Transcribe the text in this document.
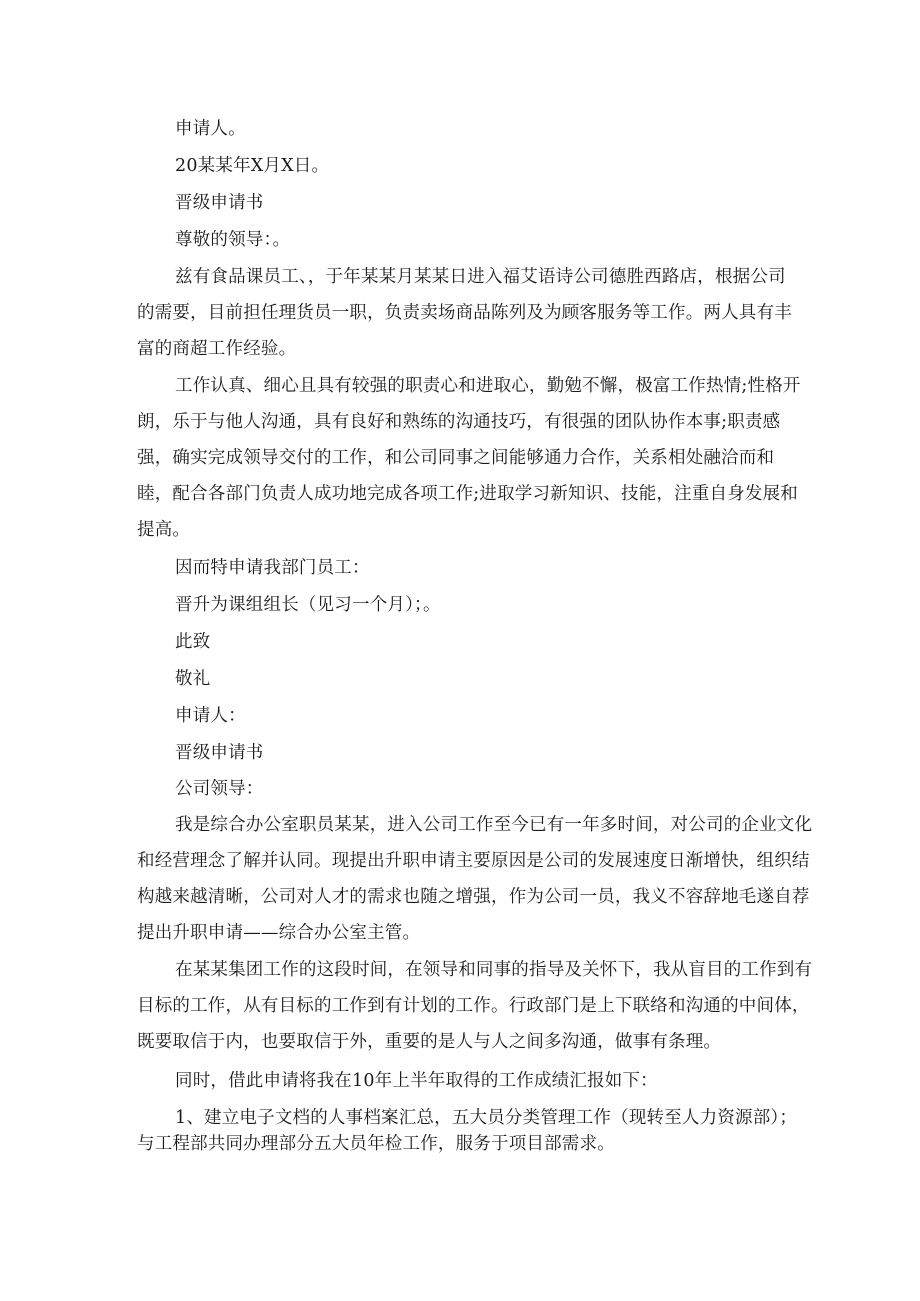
申请人。
20某某年X月X日。
晋级申请书
尊敬的领导：。
兹有食品课员工、，于年某某月某某日进入福艾语诗公司德胜西路店，根据公司
的需要，目前担任理货员一职，负责卖场商品陈列及为顾客服务等工作。两人具有丰
富的商超工作经验。
工作认真、细心且具有较强的职责心和进取心，勤勉不懈，极富工作热情;性格开
朗，乐于与他人沟通，具有良好和熟练的沟通技巧，有很强的团队协作本事;职责感
强，确实完成领导交付的工作，和公司同事之间能够通力合作，关系相处融洽而和
睦，配合各部门负责人成功地完成各项工作;进取学习新知识、技能，注重自身发展和
提高。
因而特申请我部门员工：
晋升为课组组长（见习一个月）；。
此致
敬礼
申请人：
晋级申请书
公司领导：
我是综合办公室职员某某，进入公司工作至今已有一年多时间，对公司的企业文化
和经营理念了解并认同。现提出升职申请主要原因是公司的发展速度日渐增快，组织结
构越来越清晰，公司对人才的需求也随之增强，作为公司一员，我义不容辞地毛遂自荐
提出升职申请——综合办公室主管。
在某某集团工作的这段时间，在领导和同事的指导及关怀下，我从盲目的工作到有
目标的工作，从有目标的工作到有计划的工作。行政部门是上下联络和沟通的中间体，
既要取信于内，也要取信于外，重要的是人与人之间多沟通，做事有条理。
同时，借此申请将我在10年上半年取得的工作成绩汇报如下：
1、建立电子文档的人事档案汇总，五大员分类管理工作（现转至人力资源部）；
与工程部共同办理部分五大员年检工作，服务于项目部需求。
